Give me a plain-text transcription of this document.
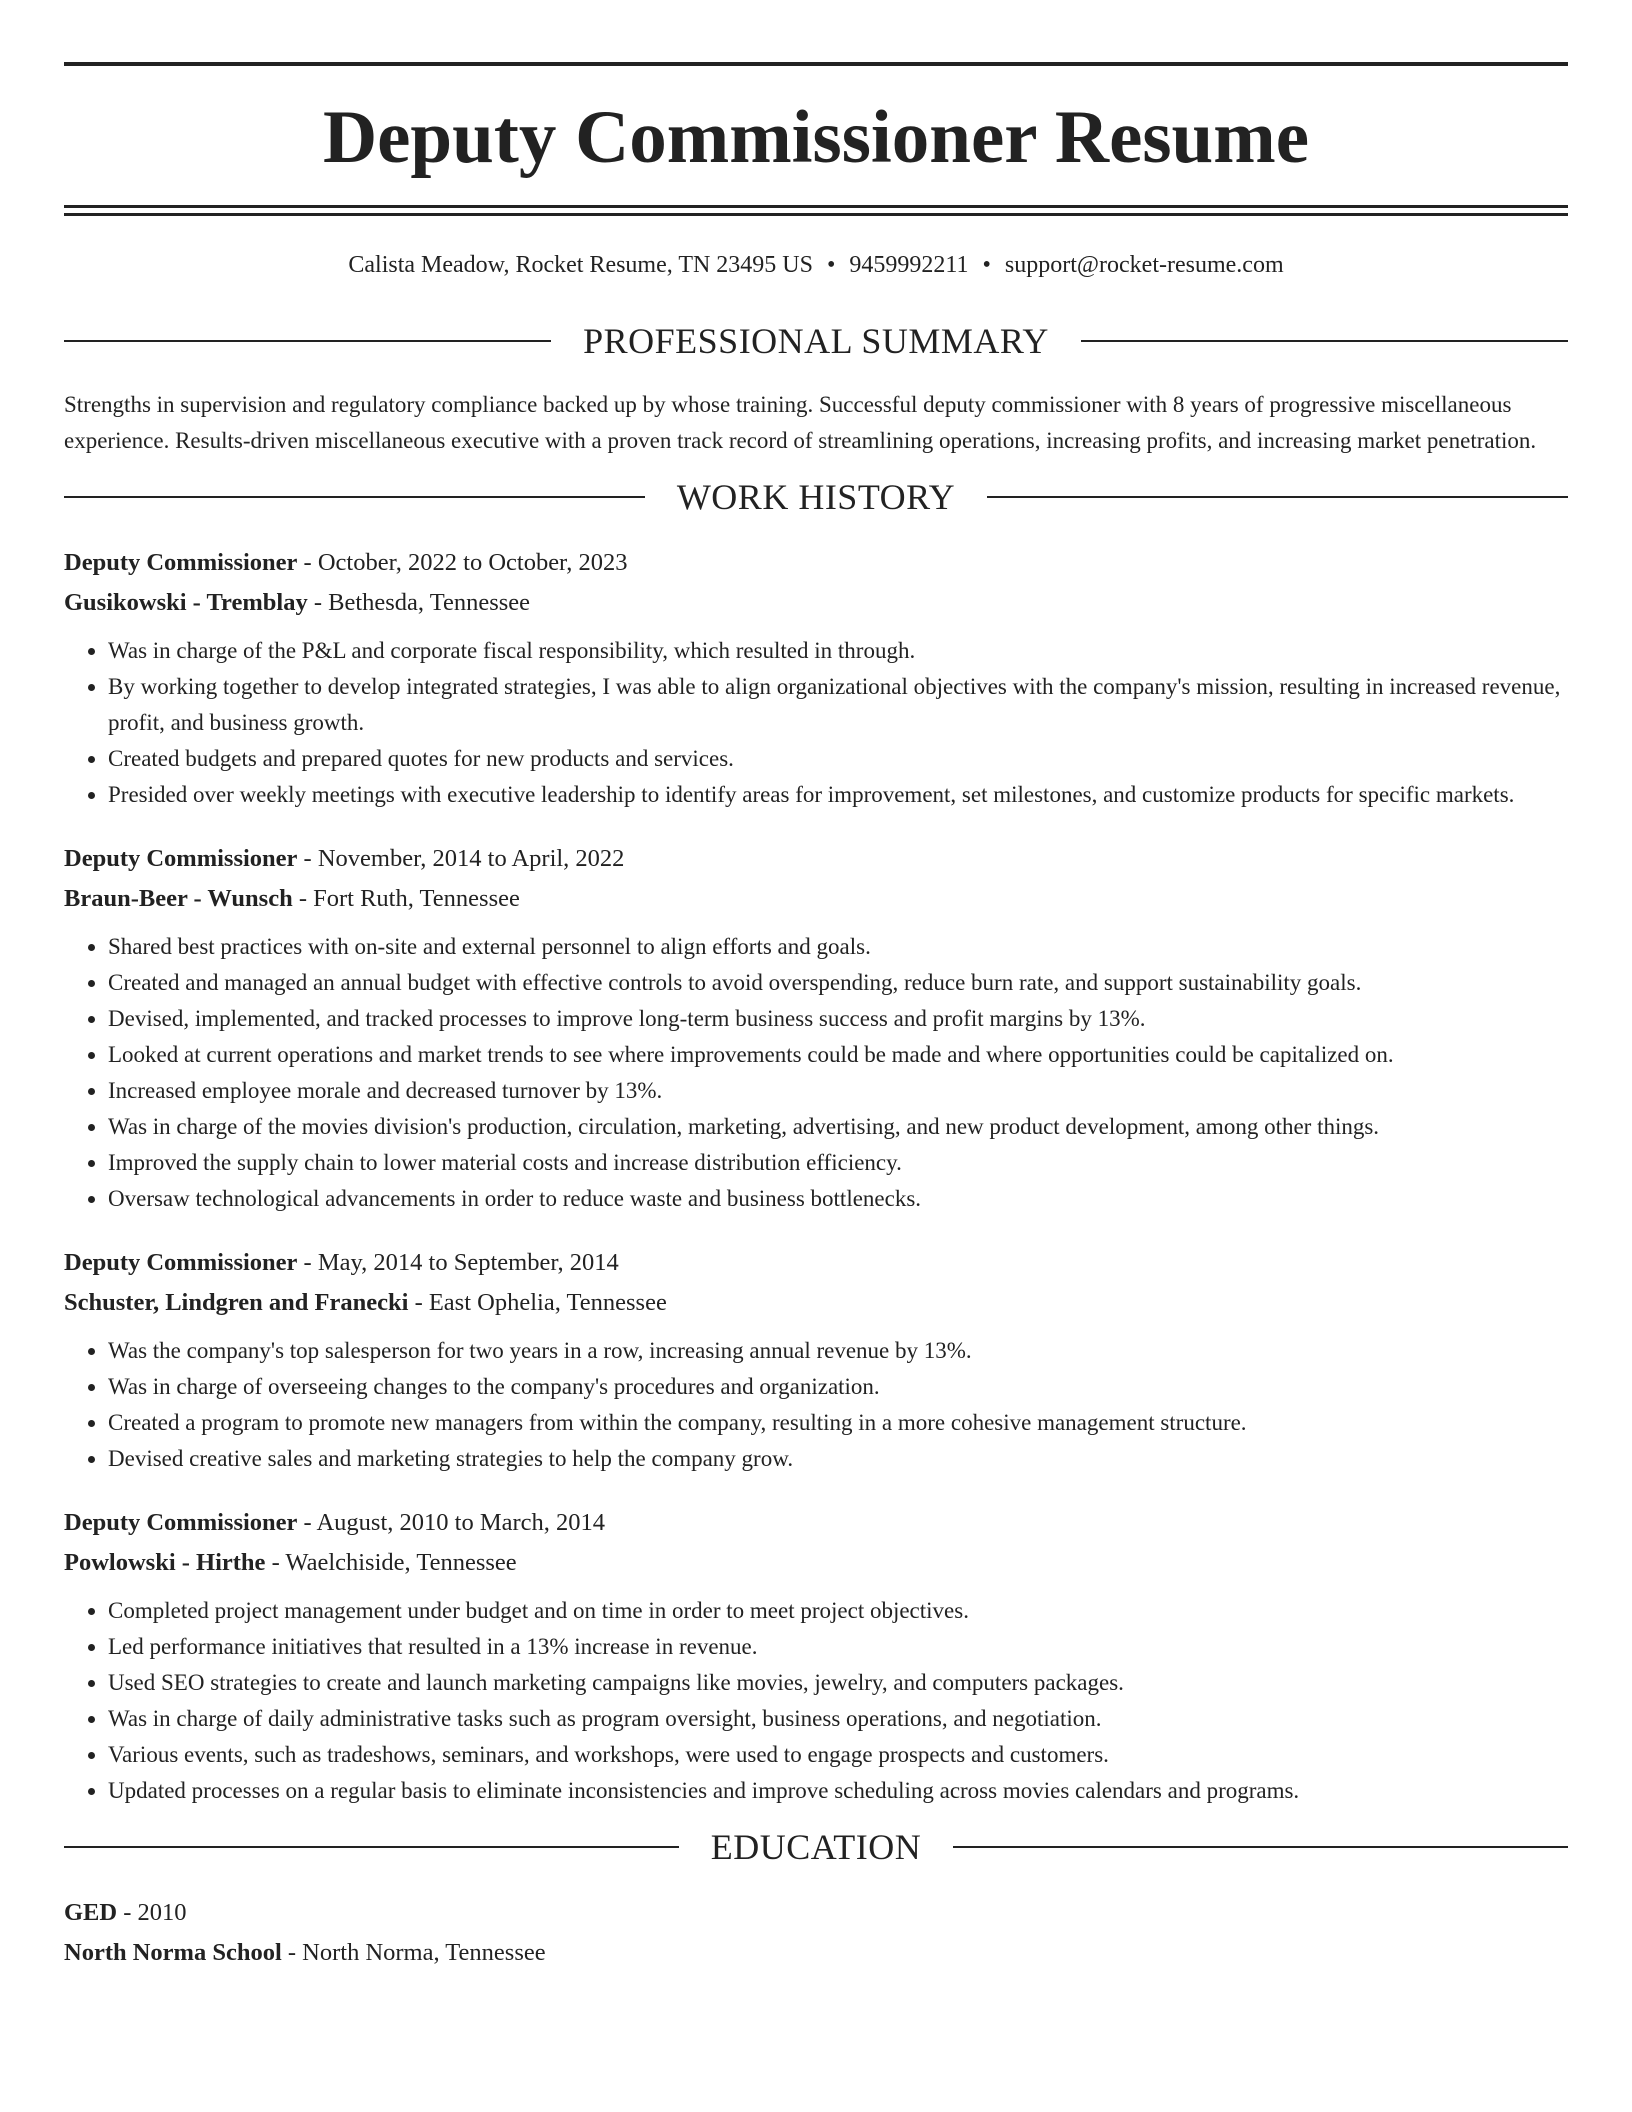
Deputy Commissioner Resume
Calista Meadow, Rocket Resume, TN 23495 US • 9459992211 • support@rocket-resume.com
PROFESSIONAL SUMMARY
Strengths in supervision and regulatory compliance backed up by whose training. Successful deputy commissioner with 8 years of progressive miscellaneous experience. Results-driven miscellaneous executive with a proven track record of streamlining operations, increasing profits, and increasing market penetration.
WORK HISTORY
Deputy Commissioner - October, 2022 to October, 2023
Gusikowski - Tremblay - Bethesda, Tennessee
• Was in charge of the P&L and corporate fiscal responsibility, which resulted in through.
• By working together to develop integrated strategies, I was able to align organizational objectives with the company's mission, resulting in increased revenue, profit, and business growth.
• Created budgets and prepared quotes for new products and services.
• Presided over weekly meetings with executive leadership to identify areas for improvement, set milestones, and customize products for specific markets.
Deputy Commissioner - November, 2014 to April, 2022
Braun-Beer - Wunsch - Fort Ruth, Tennessee
• Shared best practices with on-site and external personnel to align efforts and goals.
• Created and managed an annual budget with effective controls to avoid overspending, reduce burn rate, and support sustainability goals.
• Devised, implemented, and tracked processes to improve long-term business success and profit margins by 13%.
• Looked at current operations and market trends to see where improvements could be made and where opportunities could be capitalized on.
• Increased employee morale and decreased turnover by 13%.
• Was in charge of the movies division's production, circulation, marketing, advertising, and new product development, among other things.
• Improved the supply chain to lower material costs and increase distribution efficiency.
• Oversaw technological advancements in order to reduce waste and business bottlenecks.
Deputy Commissioner - May, 2014 to September, 2014
Schuster, Lindgren and Franecki - East Ophelia, Tennessee
• Was the company's top salesperson for two years in a row, increasing annual revenue by 13%.
• Was in charge of overseeing changes to the company's procedures and organization.
• Created a program to promote new managers from within the company, resulting in a more cohesive management structure.
• Devised creative sales and marketing strategies to help the company grow.
Deputy Commissioner - August, 2010 to March, 2014
Powlowski - Hirthe - Waelchiside, Tennessee
• Completed project management under budget and on time in order to meet project objectives.
• Led performance initiatives that resulted in a 13% increase in revenue.
• Used SEO strategies to create and launch marketing campaigns like movies, jewelry, and computers packages.
• Was in charge of daily administrative tasks such as program oversight, business operations, and negotiation.
• Various events, such as tradeshows, seminars, and workshops, were used to engage prospects and customers.
• Updated processes on a regular basis to eliminate inconsistencies and improve scheduling across movies calendars and programs.
EDUCATION
GED - 2010
North Norma School - North Norma, Tennessee
